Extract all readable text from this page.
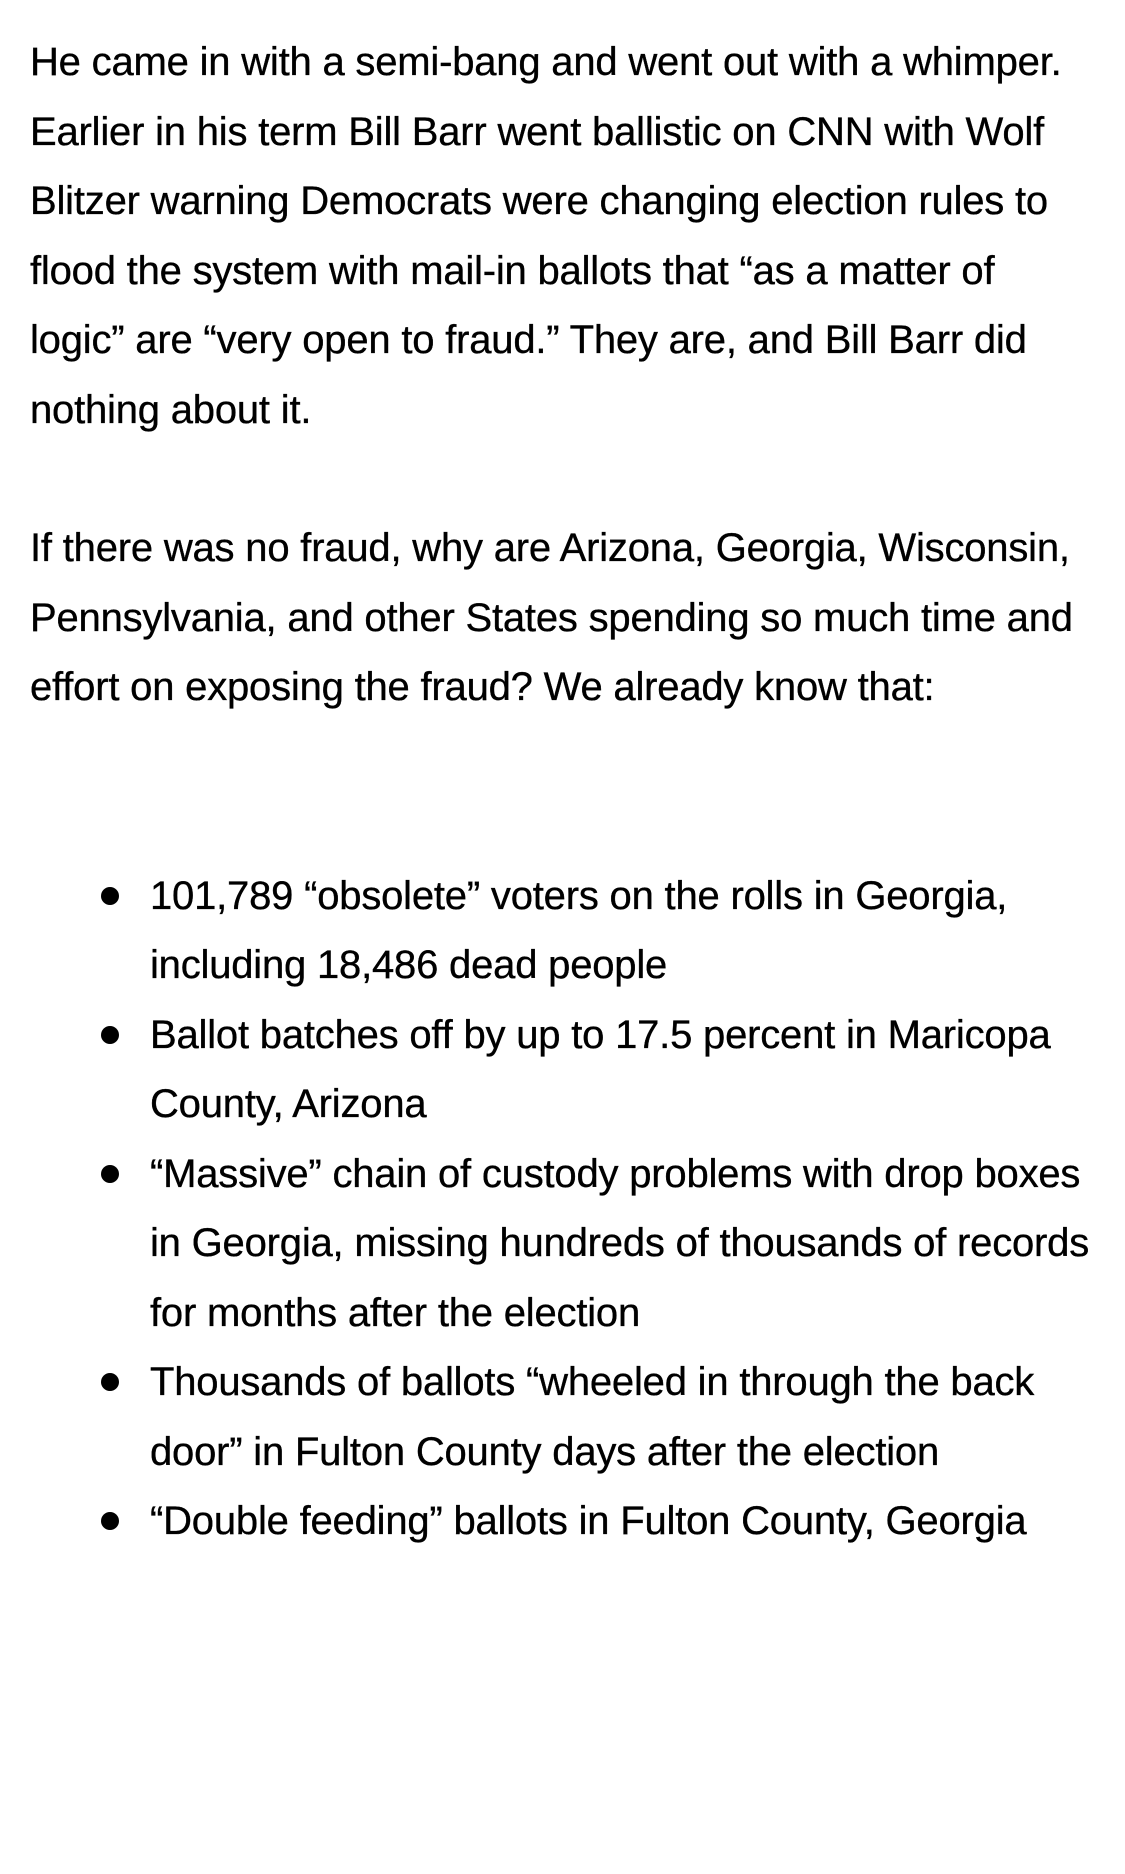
He came in with a semi-bang and went out with a whimper. Earlier in his term Bill Barr went ballistic on CNN with Wolf Blitzer warning Democrats were changing election rules to flood the system with mail-in ballots that “as a matter of logic” are “very open to fraud.” They are, and Bill Barr did nothing about it.

If there was no fraud, why are Arizona, Georgia, Wisconsin, Pennsylvania, and other States spending so much time and effort on exposing the fraud? We already know that:

101,789 “obsolete” voters on the rolls in Georgia, including 18,486 dead people
Ballot batches off by up to 17.5 percent in Maricopa County, Arizona
“Massive” chain of custody problems with drop boxes in Georgia, missing hundreds of thousands of records for months after the election
Thousands of ballots “wheeled in through the back door” in Fulton County days after the election
“Double feeding” ballots in Fulton County, Georgia
